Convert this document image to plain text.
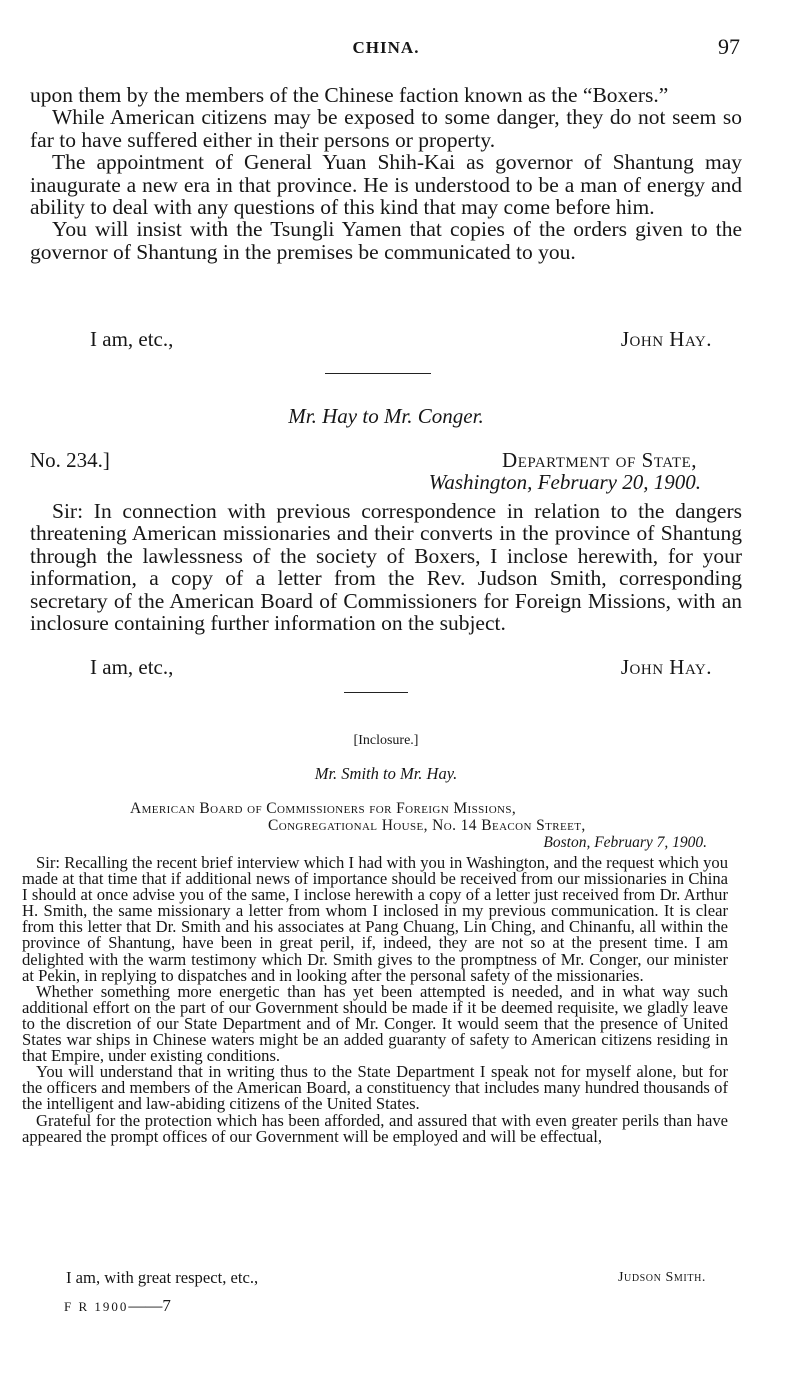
CHINA.	97

upon them by the members of the Chinese faction known as the “Boxers.”

While American citizens may be exposed to some danger, they do not seem so far to have suffered either in their persons or property.

The appointment of General Yuan Shih-Kai as governor of Shantung may inaugurate a new era in that province. He is understood to be a man of energy and ability to deal with any questions of this kind that may come before him.

You will insist with the Tsungli Yamen that copies of the orders given to the governor of Shantung in the premises be communicated to you.

I am, etc.,	John Hay.
Mr. Hay to Mr. Conger.
No. 234.]	Department of State,
Washington, February 20, 1900.

Sir: In connection with previous correspondence in relation to the dangers threatening American missionaries and their converts in the province of Shantung through the lawlessness of the society of Boxers, I inclose herewith, for your information, a copy of a letter from the Rev. Judson Smith, corresponding secretary of the American Board of Commissioners for Foreign Missions, with an inclosure containing further information on the subject.

I am, etc.,	John Hay.
[Inclosure.]
Mr. Smith to Mr. Hay.
American Board of Commissioners for Foreign Missions,
Congregational House, No. 14 Beacon Street,
Boston, February 7, 1900.

Sir: Recalling the recent brief interview which I had with you in Washington, and the request which you made at that time that if additional news of importance should be received from our missionaries in China I should at once advise you of the same, I inclose herewith a copy of a letter just received from Dr. Arthur H. Smith, the same missionary a letter from whom I inclosed in my previous communication. It is clear from this letter that Dr. Smith and his associates at Pang Chuang, Lin Ching, and Chinanfu, all within the province of Shantung, have been in great peril, if, indeed, they are not so at the present time. I am delighted with the warm testimony which Dr. Smith gives to the promptness of Mr. Conger, our minister at Pekin, in replying to dispatches and in looking after the personal safety of the missionaries.

Whether something more energetic than has yet been attempted is needed, and in what way such additional effort on the part of our Government should be made if it be deemed requisite, we gladly leave to the discretion of our State Department and of Mr. Conger. It would seem that the presence of United States war ships in Chinese waters might be an added guaranty of safety to American citizens residing in that Empire, under existing conditions.

You will understand that in writing thus to the State Department I speak not for myself alone, but for the officers and members of the American Board, a constituency that includes many hundred thousands of the intelligent and law-abiding citizens of the United States.

Grateful for the protection which has been afforded, and assured that with even greater perils than have appeared the prompt offices of our Government will be employed and will be effectual,

I am, with great respect, etc.,	Judson Smith.
F R 1900——7
